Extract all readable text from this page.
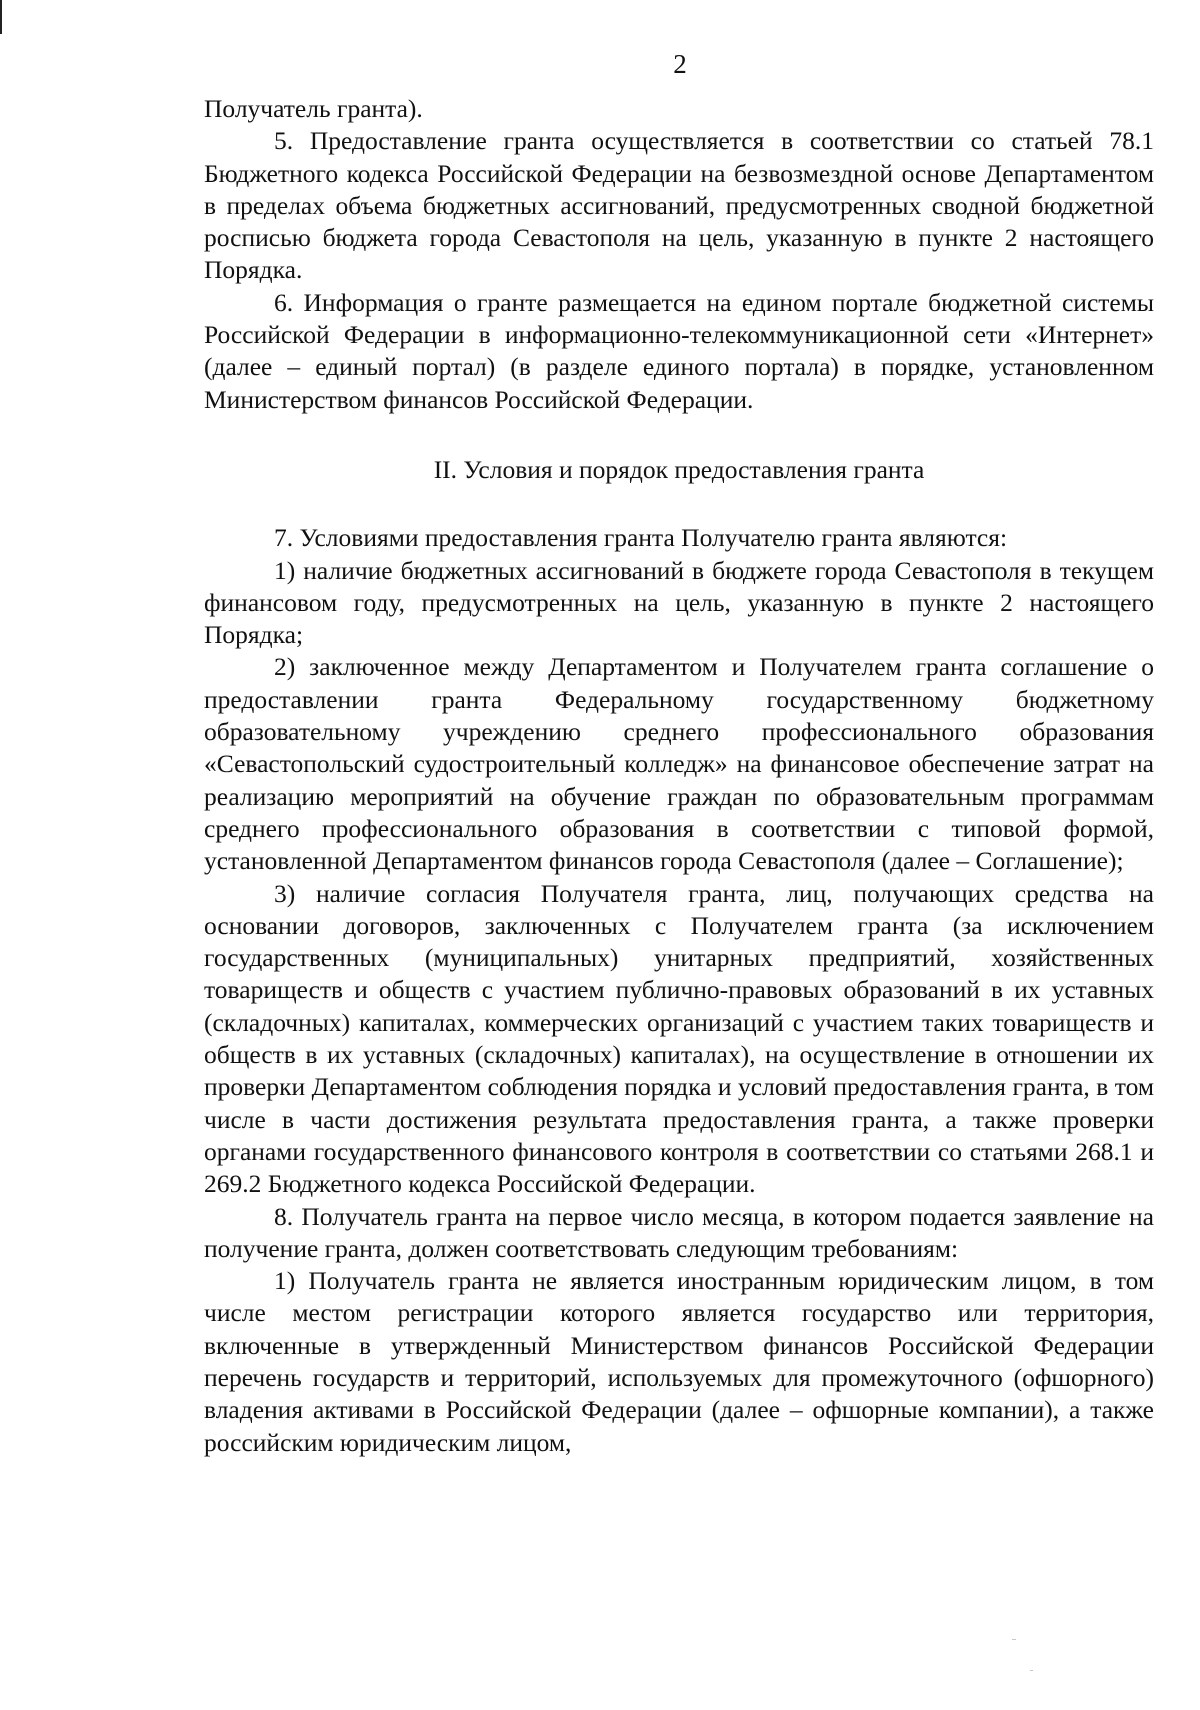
2

Получатель гранта).

5. Предоставление гранта осуществляется в соответствии со статьей 78.1 Бюджетного кодекса Российской Федерации на безвозмездной основе Департаментом в пределах объема бюджетных ассигнований, предусмотренных сводной бюджетной росписью бюджета города Севастополя на цель, указанную в пункте 2 настоящего Порядка.

6. Информация о гранте размещается на едином портале бюджетной системы Российской Федерации в информационно-телекоммуникационной сети «Интернет» (далее – единый портал) (в разделе единого портала) в порядке, установленном Министерством финансов Российской Федерации.

II. Условия и порядок предоставления гранта

7. Условиями предоставления гранта Получателю гранта являются:

1) наличие бюджетных ассигнований в бюджете города Севастополя в текущем финансовом году, предусмотренных на цель, указанную в пункте 2 настоящего Порядка;

2) заключенное между Департаментом и Получателем гранта соглашение о предоставлении гранта Федеральному государственному бюджетному образовательному учреждению среднего профессионального образования «Севастопольский судостроительный колледж» на финансовое обеспечение затрат на реализацию мероприятий на обучение граждан по образовательным программам среднего профессионального образования в соответствии с типовой формой, установленной Департаментом финансов города Севастополя (далее – Соглашение);

3) наличие согласия Получателя гранта, лиц, получающих средства на основании договоров, заключенных с Получателем гранта (за исключением государственных (муниципальных) унитарных предприятий, хозяйственных товариществ и обществ с участием публично-правовых образований в их уставных (складочных) капиталах, коммерческих организаций с участием таких товариществ и обществ в их уставных (складочных) капиталах), на осуществление в отношении их проверки Департаментом соблюдения порядка и условий предоставления гранта, в том числе в части достижения результата предоставления гранта, а также проверки органами государственного финансового контроля в соответствии со статьями 268.1 и 269.2 Бюджетного кодекса Российской Федерации.

8. Получатель гранта на первое число месяца, в котором подается заявление на получение гранта, должен соответствовать следующим требованиям:

1) Получатель гранта не является иностранным юридическим лицом, в том числе местом регистрации которого является государство или территория, включенные в утвержденный Министерством финансов Российской Федерации перечень государств и территорий, используемых для промежуточного (офшорного) владения активами в Российской Федерации (далее – офшорные компании), а также российским юридическим лицом,
